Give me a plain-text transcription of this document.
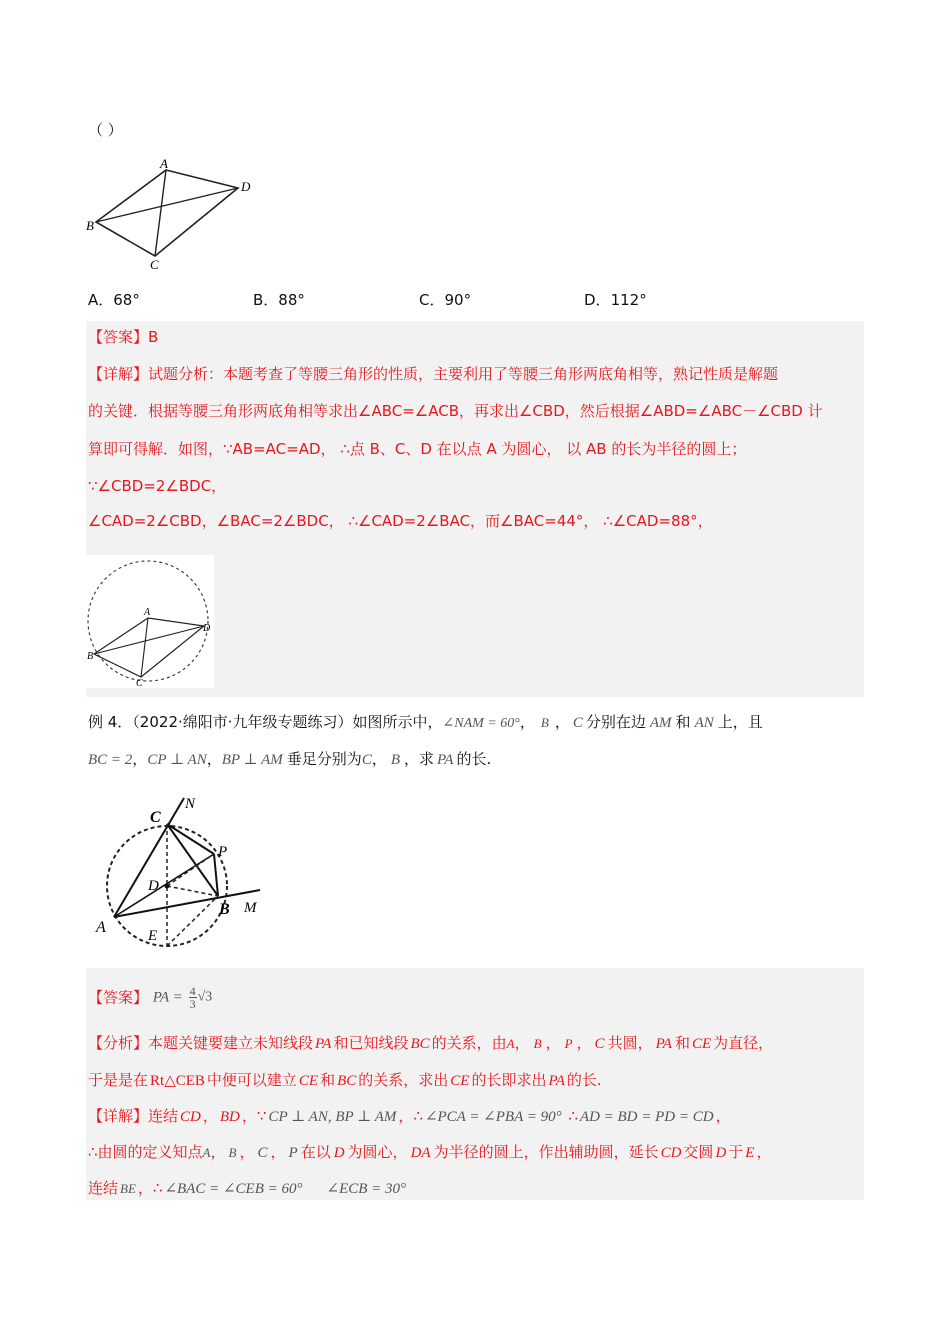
（ ）
A
D
B
C
A．68°	B．88°	C．90°	D．112°
【答案】B
【详解】试题分析：本题考查了等腰三角形的性质，主要利用了等腰三角形两底角相等，熟记性质是解题
的关键．根据等腰三角形两底角相等求出∠ABC=∠ACB，再求出∠CBD，然后根据∠ABD=∠ABC－∠CBD 计
算即可得解．如图，∵AB=AC=AD， ∴点 B、C、D 在以点 A 为圆心， 以 AB 的长为半径的圆上；
∵∠CBD=2∠BDC，
∠CAD=2∠CBD，∠BAC=2∠BDC， ∴∠CAD=2∠BAC，而∠BAC=44°， ∴∠CAD=88°，
A
D
B
C
例 4．（2022·绵阳市·九年级专题练习）如图所示中，∠NAM = 60°， B ， C 分别在边 AM 和 AN 上，且
BC = 2，CP ⊥ AN，BP ⊥ AM 垂足分别为C， B ，求 PA 的长.
C
N
P
D
B M
A	E
【答案】 PA = $\frac{4}{3} √3$
【分析】本题关键要建立未知线段 PA 和已知线段 BC 的关系，由A， B ， P ， C 共圆， PA 和 CE 为直径，
于是是在 Rt△CEB 中便可以建立 CE 和 BC 的关系，求出 CE 的长即求出 PA 的长.
【详解】连结 CD ， BD ，∵ CP ⊥ AN, BP ⊥ AM ，∴ ∠PCA = ∠PBA = 90° ∴ AD = BD = PD = CD ，
∴由圆的定义知点A， B ， C ， P 在以 D 为圆心， DA 为半径的圆上，作出辅助圆，延长 CD 交圆 D 于 E ，
连结 BE ，∴ ∠BAC = ∠CEB = 60° ∠ECB = 30°
